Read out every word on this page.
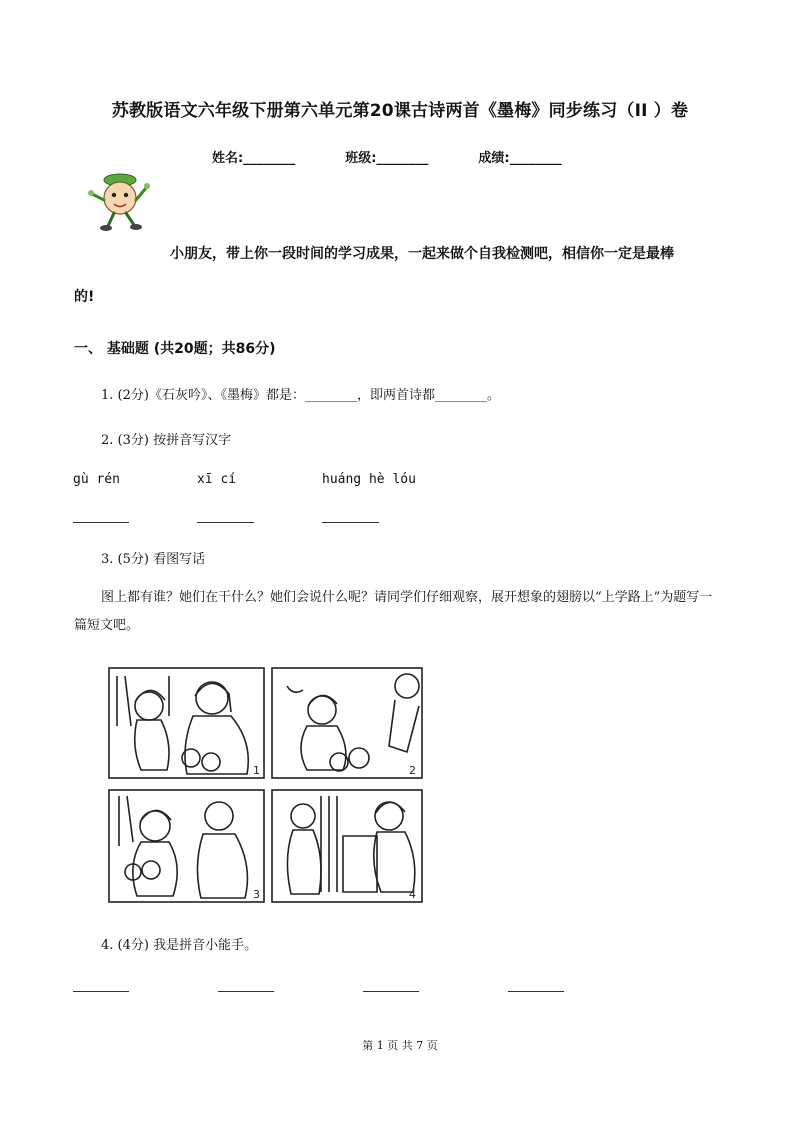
苏教版语文六年级下册第六单元第20课古诗两首《墨梅》同步练习（II ）卷
姓名:________	班级:________	成绩:________
小朋友，带上你一段时间的学习成果，一起来做个自我检测吧，相信你一定是最棒
的!
一、 基础题 (共20题；共86分)
1. (2分)《石灰吟》、《墨梅》都是：________，即两首诗都________。
2. (3分) 按拼音写汉字
gù rén	xī cí	huáng hè lóu
3. (5分) 看图写话
图上都有谁？她们在干什么？她们会说什么呢？请同学们仔细观察，展开想象的翅膀以“上学路上”为题写一篇短文吧。
1	2
3	4
4. (4分) 我是拼音小能手。
第 1 页 共 7 页
